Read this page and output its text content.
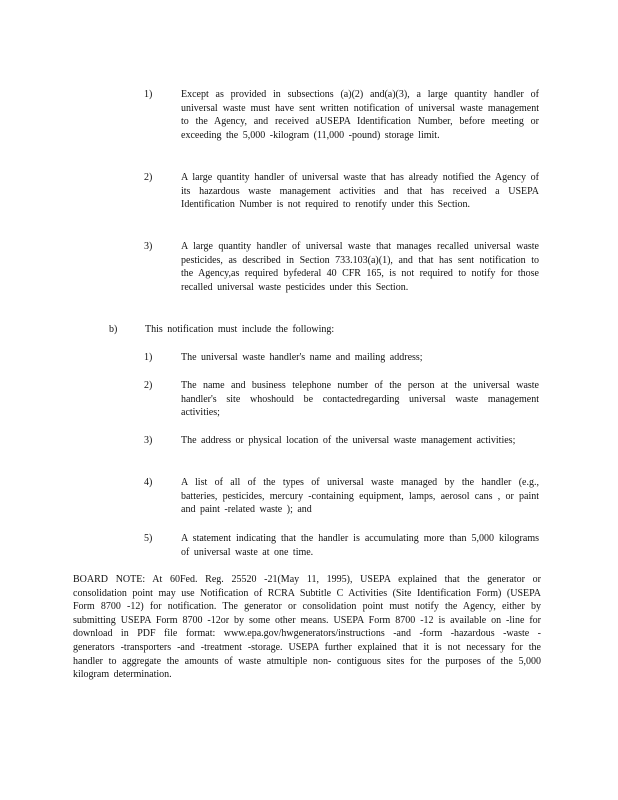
1)	Except as provided in subsections (a)(2) and(a)(3), a large quantity handler of universal waste must have sent written notification of universal waste management to the Agency, and received aUSEPA Identification Number, before meeting or exceeding the 5,000 -kilogram (11,000 -pound) storage limit.
2)	A large quantity handler of universal waste that has already notified the Agency of its hazardous waste management activities and that has received a USEPA Identification Number is not required to renotify under this Section.
3)	A large quantity handler of universal waste that manages recalled universal waste pesticides, as described in Section 733.103(a)(1), and that has sent notification to the Agency,as required byfederal 40 CFR 165, is not required to notify for those recalled universal waste pesticides under this Section.
b)	This notification must include the following:
1)	The universal waste handler's name and mailing address;
2)	The name and business telephone number of the person at the universal waste handler's site whoshould be contactedregarding universal waste management activities;
3)	The address or physical location of the universal waste management activities;
4)	A list of all of the types of universal waste managed by the handler (e.g., batteries, pesticides, mercury -containing equipment, lamps, aerosol cans , or paint and paint -related waste ); and
5)	A statement indicating that the handler is accumulating more than 5,000 kilograms of universal waste at one time.
BOARD NOTE: At 60Fed. Reg. 25520 -21(May 11, 1995), USEPA explained that the generator or consolidation point may use Notification of RCRA Subtitle C Activities (Site Identification Form) (USEPA Form 8700 -12) for notification. The generator or consolidation point must notify the Agency, either by submitting USEPA Form 8700 -12or by some other means. USEPA Form 8700 -12 is available on -line for download in PDF file format: www.epa.gov/hwgenerators/instructions -and -form -hazardous -waste -generators -transporters -and -treatment -storage. USEPA further explained that it is not necessary for the handler to aggregate the amounts of waste atmultiple non- contiguous sites for the purposes of the 5,000 kilogram determination.
